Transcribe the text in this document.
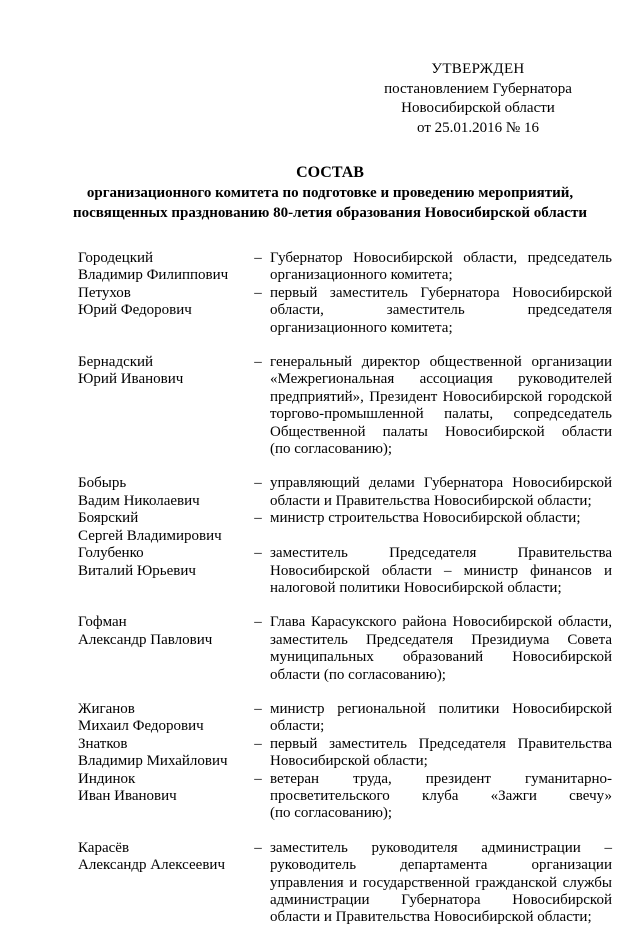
УТВЕРЖДЕН
постановлением Губернатора
Новосибирской области
от 25.01.2016 № 16
СОСТАВ
организационного комитета по подготовке и проведению мероприятий,
посвященных празднованию 80-летия образования Новосибирской области
Городецкий
Владимир Филиппович
– Губернатор Новосибирской области, председатель
организационного комитета;
Петухов
Юрий Федорович
– первый заместитель Губернатора Новосибирской
области, заместитель председателя
организационного комитета;
Бернадский
Юрий Иванович
– генеральный директор общественной организации
«Межрегиональная ассоциация руководителей
предприятий», Президент Новосибирской городской
торгово-промышленной палаты, сопредседатель
Общественной палаты Новосибирской области
(по согласованию);
Бобырь
Вадим Николаевич
– управляющий делами Губернатора Новосибирской
области и Правительства Новосибирской области;
Боярский
Сергей Владимирович
– министр строительства Новосибирской области;
Голубенко
Виталий Юрьевич
– заместитель Председателя Правительства
Новосибирской области – министр финансов и
налоговой политики Новосибирской области;
Гофман
Александр Павлович
– Глава Карасукского района Новосибирской области,
заместитель Председателя Президиума Совета
муниципальных образований Новосибирской
области (по согласованию);
Жиганов
Михаил Федорович
– министр региональной политики Новосибирской
области;
Знатков
Владимир Михайлович
– первый заместитель Председателя Правительства
Новосибирской области;
Индинок
Иван Иванович
– ветеран труда, президент гуманитарно-
просветительского клуба «Зажги свечу»
(по согласованию);
Карасёв
Александр Алексеевич
– заместитель руководителя администрации –
руководитель департамента организации
управления и государственной гражданской службы
администрации Губернатора Новосибирской
области и Правительства Новосибирской области;
